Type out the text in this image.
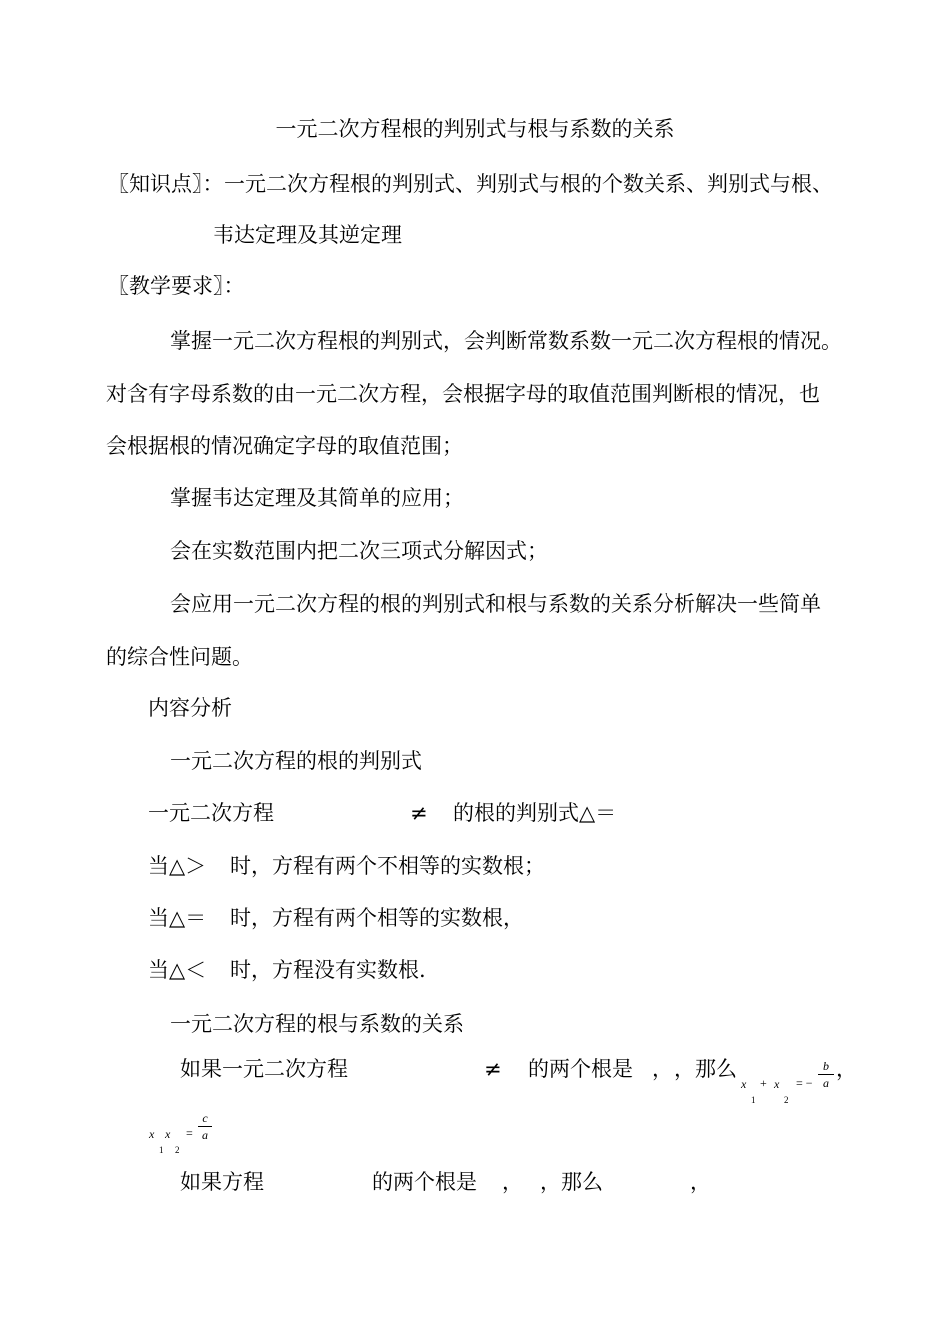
一元二次方程根的判别式与根与系数的关系
〖知识点〗： 一元二次方程根的判别式、判别式与根的个数关系、判别式与根、
韦达定理及其逆定理
〖教学要求〗：
掌握一元二次方程根的判别式，会判断常数系数一元二次方程根的情况。
对含有字母系数的由一元二次方程，会根据字母的取值范围判断根的情况，也
会根据根的情况确定字母的取值范围；
掌握韦达定理及其简单的应用；
会在实数范围内把二次三项式分解因式；
会应用一元二次方程的根的判别式和根与系数的关系分析解决一些简单
的综合性问题。
内容分析
一元二次方程的根的判别式
一元二次方程	≠ 的根的判别式△＝
当△＞ 时，方程有两个不相等的实数根；
当△＝ 时，方程有两个相等的实数根，
当△＜ 时，方程没有实数根.
一元二次方程的根与系数的关系
如果一元二次方程	≠ 的两个根是 ， ，那么
x
1
+ x
2
= − $\frac{b}{a}$ ，
x
1
x
2
= $\frac{c}{a}$
如果方程	的两个根是 ， ，那么	，
